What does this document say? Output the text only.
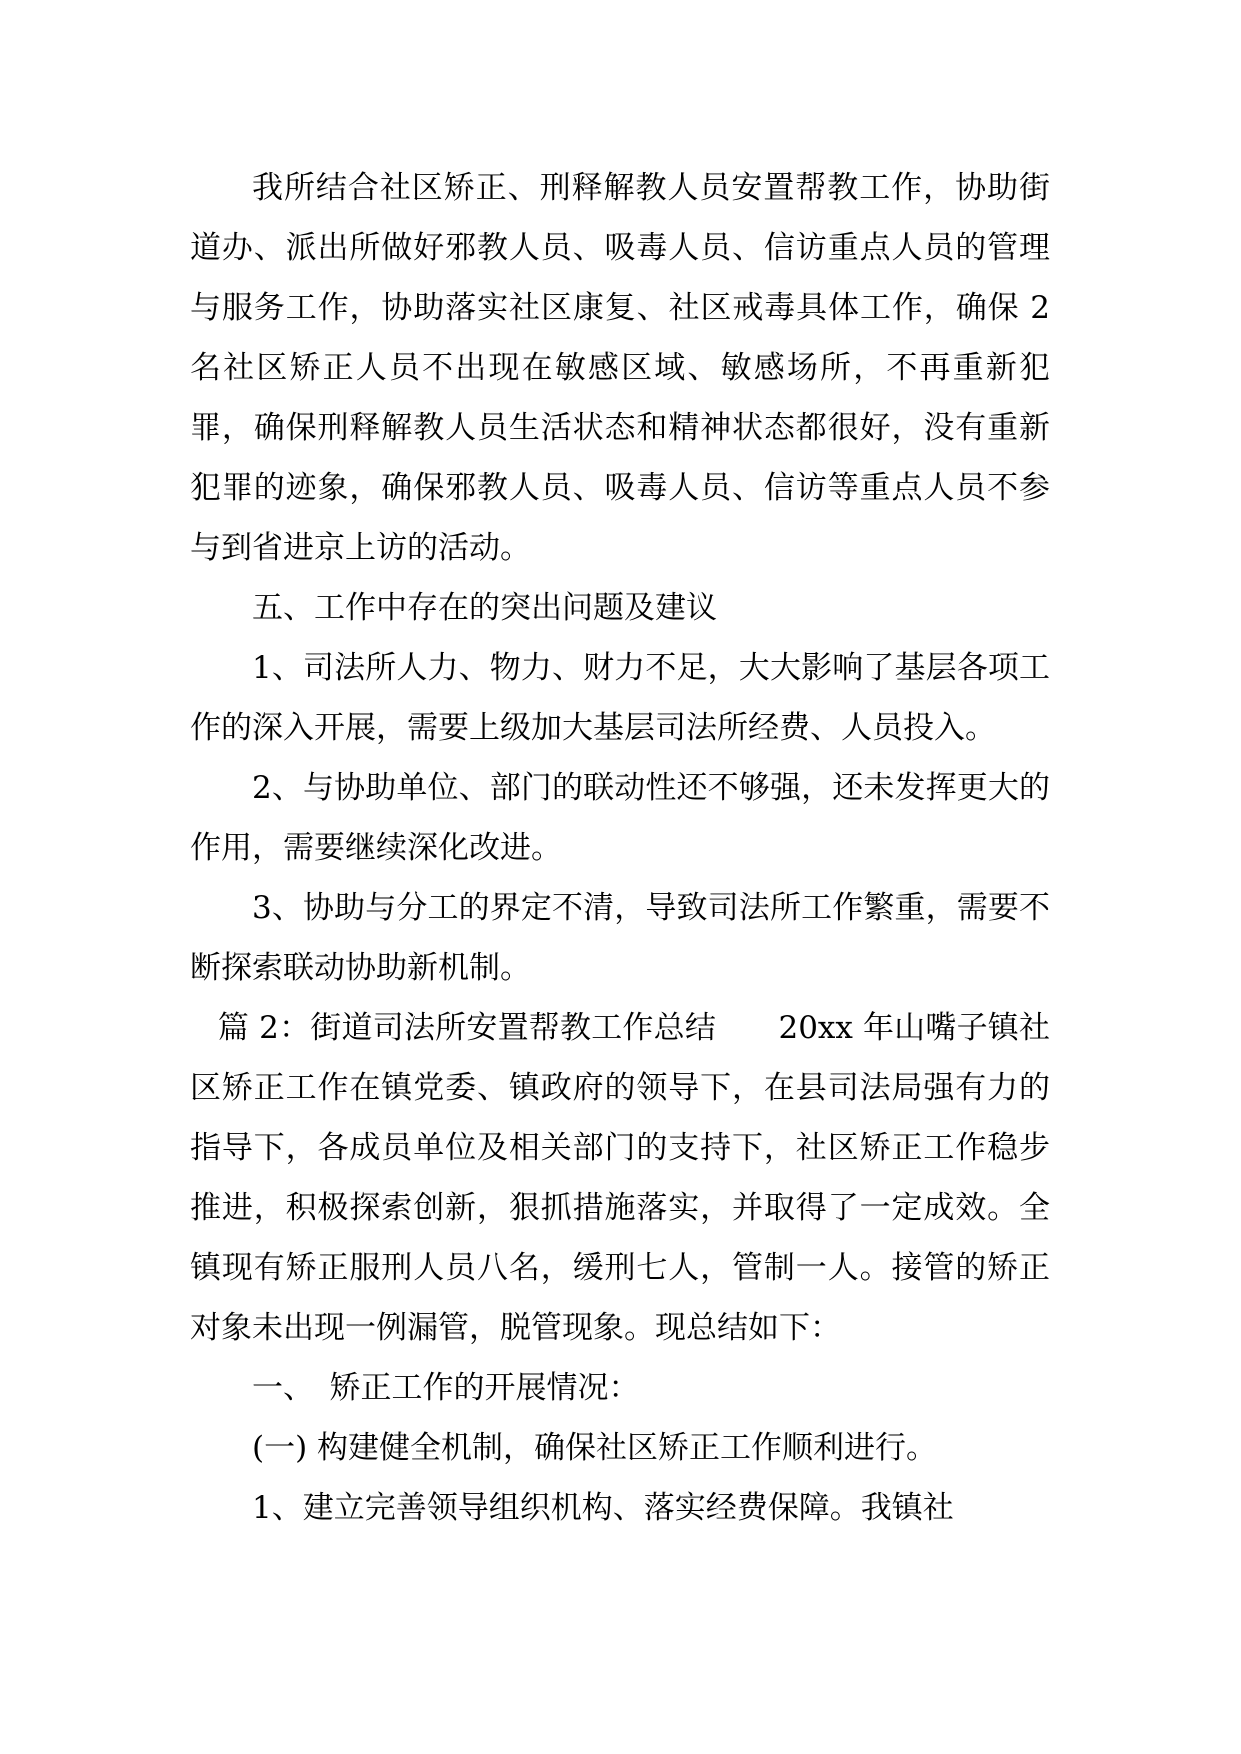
我所结合社区矫正、刑释解教人员安置帮教工作，协助街道办、派出所做好邪教人员、吸毒人员、信访重点人员的管理与服务工作，协助落实社区康复、社区戒毒具体工作，确保 2 名社区矫正人员不出现在敏感区域、敏感场所，不再重新犯罪，确保刑释解教人员生活状态和精神状态都很好，没有重新犯罪的迹象，确保邪教人员、吸毒人员、信访等重点人员不参与到省进京上访的活动。

五、工作中存在的突出问题及建议

1、司法所人力、物力、财力不足，大大影响了基层各项工作的深入开展，需要上级加大基层司法所经费、人员投入。

2、与协助单位、部门的联动性还不够强，还未发挥更大的作用，需要继续深化改进。

3、协助与分工的界定不清，导致司法所工作繁重，需要不断探索联动协助新机制。

篇 2：街道司法所安置帮教工作总结　　20xx 年山嘴子镇社区矫正工作在镇党委、镇政府的领导下，在县司法局强有力的指导下，各成员单位及相关部门的支持下，社区矫正工作稳步推进，积极探索创新，狠抓措施落实，并取得了一定成效。全镇现有矫正服刑人员八名，缓刑七人，管制一人。接管的矫正对象未出现一例漏管，脱管现象。现总结如下：

一、　矫正工作的开展情况：

(一) 构建健全机制，确保社区矫正工作顺利进行。

1、建立完善领导组织机构、落实经费保障。我镇社
